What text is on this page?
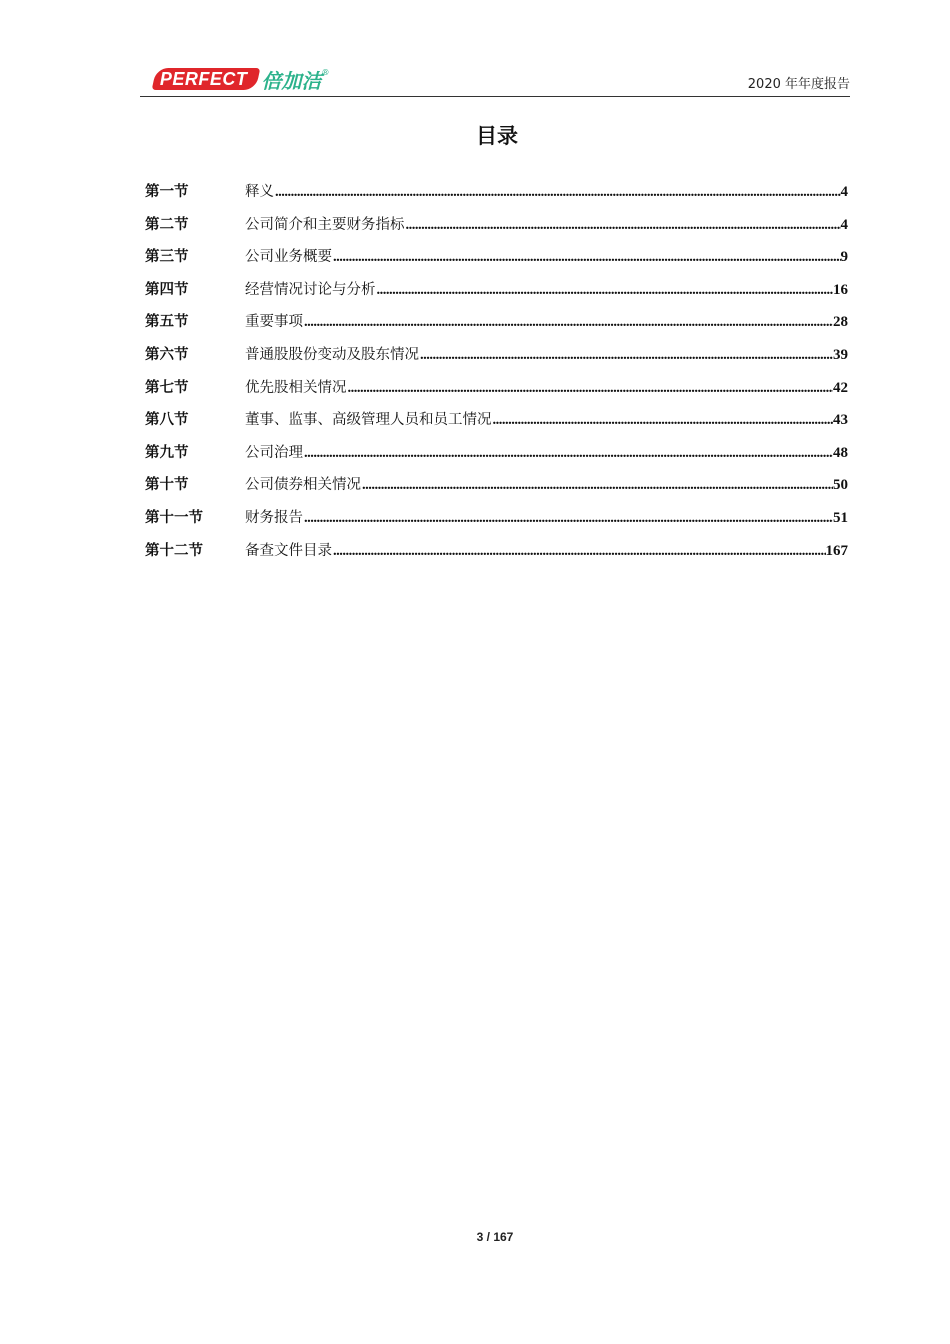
PERFECT 倍加洁 ®
2020 年年度报告
目录
第一节	释义 .....	4
第二节	公司简介和主要财务指标 .....	4
第三节	公司业务概要 .....	9
第四节	经营情况讨论与分析 .....	16
第五节	重要事项 .....	28
第六节	普通股股份变动及股东情况 .....	39
第七节	优先股相关情况 .....	42
第八节	董事、监事、高级管理人员和员工情况 .....	43
第九节	公司治理 .....	48
第十节	公司债券相关情况 .....	50
第十一节	财务报告 .....	51
第十二节	备查文件目录 .....	167
3 / 167
